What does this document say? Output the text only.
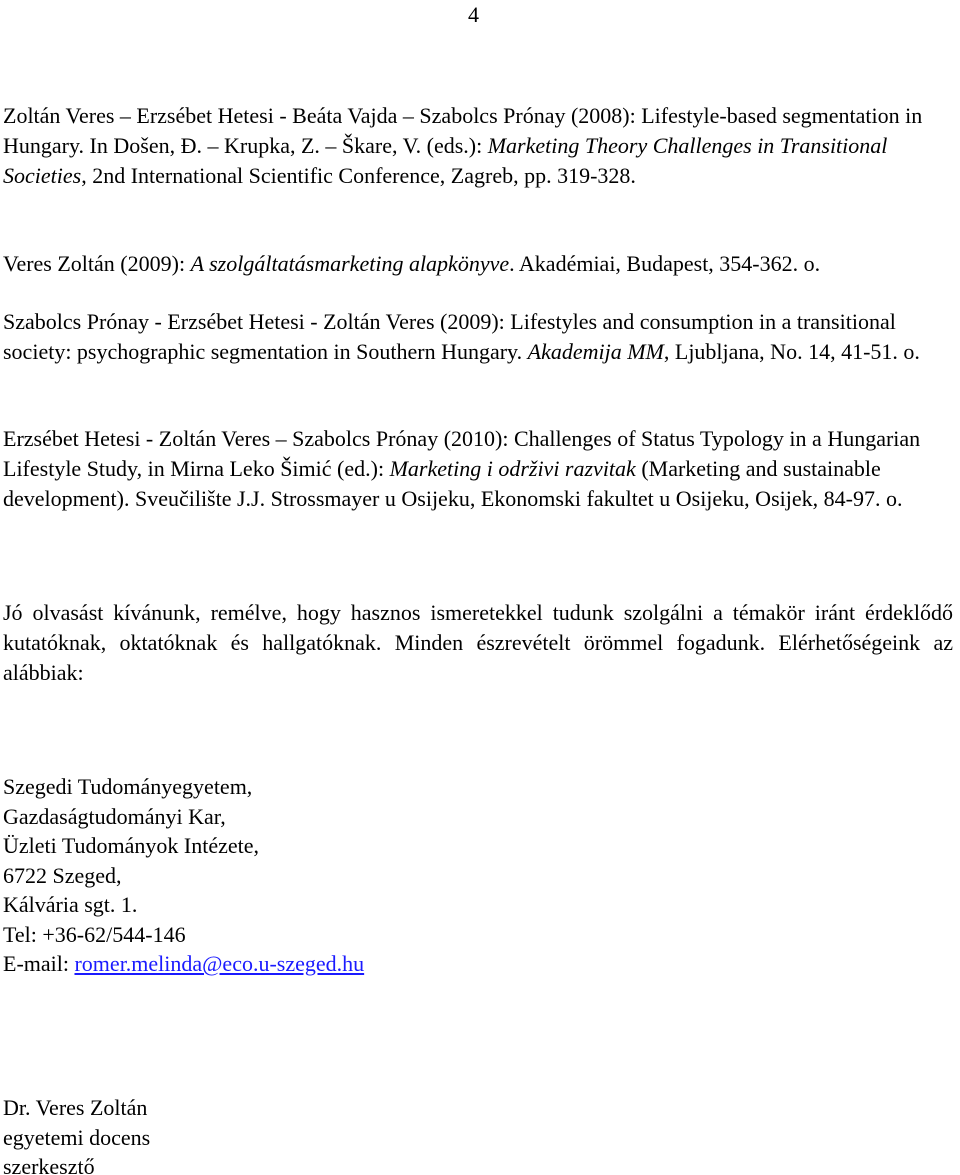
4

Zoltán Veres – Erzsébet Hetesi - Beáta Vajda – Szabolcs Prónay (2008): Lifestyle-based segmentation in Hungary. In Došen, Đ. – Krupka, Z. – Škare, V. (eds.): Marketing Theory Challenges in Transitional Societies, 2nd International Scientific Conference, Zagreb, pp. 319-328.

Veres Zoltán (2009): A szolgáltatásmarketing alapkönyve. Akadémiai, Budapest, 354-362. o.

Szabolcs Prónay - Erzsébet Hetesi - Zoltán Veres (2009): Lifestyles and consumption in a transitional society: psychographic segmentation in Southern Hungary. Akademija MM, Ljubljana, No. 14, 41-51. o.

Erzsébet Hetesi - Zoltán Veres – Szabolcs Prónay (2010): Challenges of Status Typology in a Hungarian Lifestyle Study, in Mirna Leko Šimić (ed.): Marketing i održivi razvitak (Marketing and sustainable development). Sveučilište J.J. Strossmayer u Osijeku, Ekonomski fakultet u Osijeku, Osijek, 84-97. o.

Jó olvasást kívánunk, remélve, hogy hasznos ismeretekkel tudunk szolgálni a témakör iránt érdeklődő kutatóknak, oktatóknak és hallgatóknak. Minden észrevételt örömmel fogadunk. Elérhetőségeink az alábbiak:

Szegedi Tudományegyetem,
Gazdaságtudományi Kar,
Üzleti Tudományok Intézete,
6722 Szeged,
Kálvária sgt. 1.
Tel: +36-62/544-146
E-mail: romer.melinda@eco.u-szeged.hu
Dr. Veres Zoltán
egyetemi docens
szerkesztő
